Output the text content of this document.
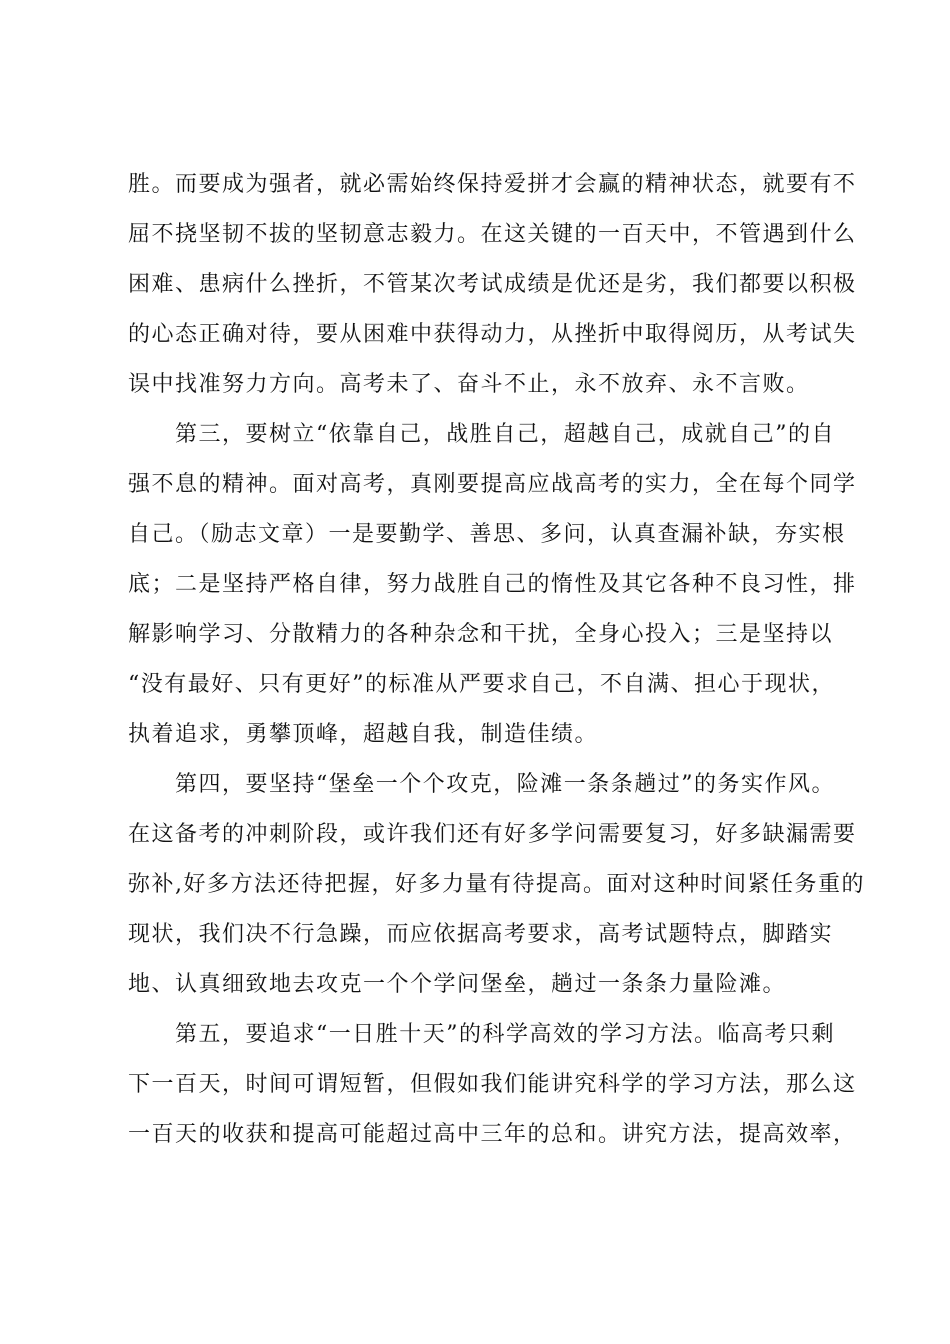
胜。而要成为强者，就必需始终保持爱拼才会赢的精神状态，就要有不
屈不挠坚韧不拔的坚韧意志毅力。在这关键的一百天中，不管遇到什么
困难、患病什么挫折，不管某次考试成绩是优还是劣，我们都要以积极
的心态正确对待，要从困难中获得动力，从挫折中取得阅历，从考试失
误中找准努力方向。高考未了、奋斗不止，永不放弃、永不言败。
　　第三，要树立“依靠自己，战胜自己，超越自己，成就自己”的自
强不息的精神。面对高考，真刚要提高应战高考的实力，全在每个同学
自己。（励志文章）一是要勤学、善思、多问，认真查漏补缺，夯实根
底；二是坚持严格自律，努力战胜自己的惰性及其它各种不良习性，排
解影响学习、分散精力的各种杂念和干扰，全身心投入；三是坚持以
“没有最好、只有更好”的标准从严要求自己，不自满、担心于现状，
执着追求，勇攀顶峰，超越自我，制造佳绩。
　　第四，要坚持“堡垒一个个攻克，险滩一条条趟过”的务实作风。
在这备考的冲刺阶段，或许我们还有好多学问需要复习，好多缺漏需要
弥补,好多方法还待把握，好多力量有待提高。面对这种时间紧任务重的
现状，我们决不行急躁，而应依据高考要求，高考试题特点，脚踏实
地、认真细致地去攻克一个个学问堡垒，趟过一条条力量险滩。
　　第五，要追求“一日胜十天”的科学高效的学习方法。临高考只剩
下一百天，时间可谓短暂，但假如我们能讲究科学的学习方法，那么这
一百天的收获和提高可能超过高中三年的总和。讲究方法，提高效率，
